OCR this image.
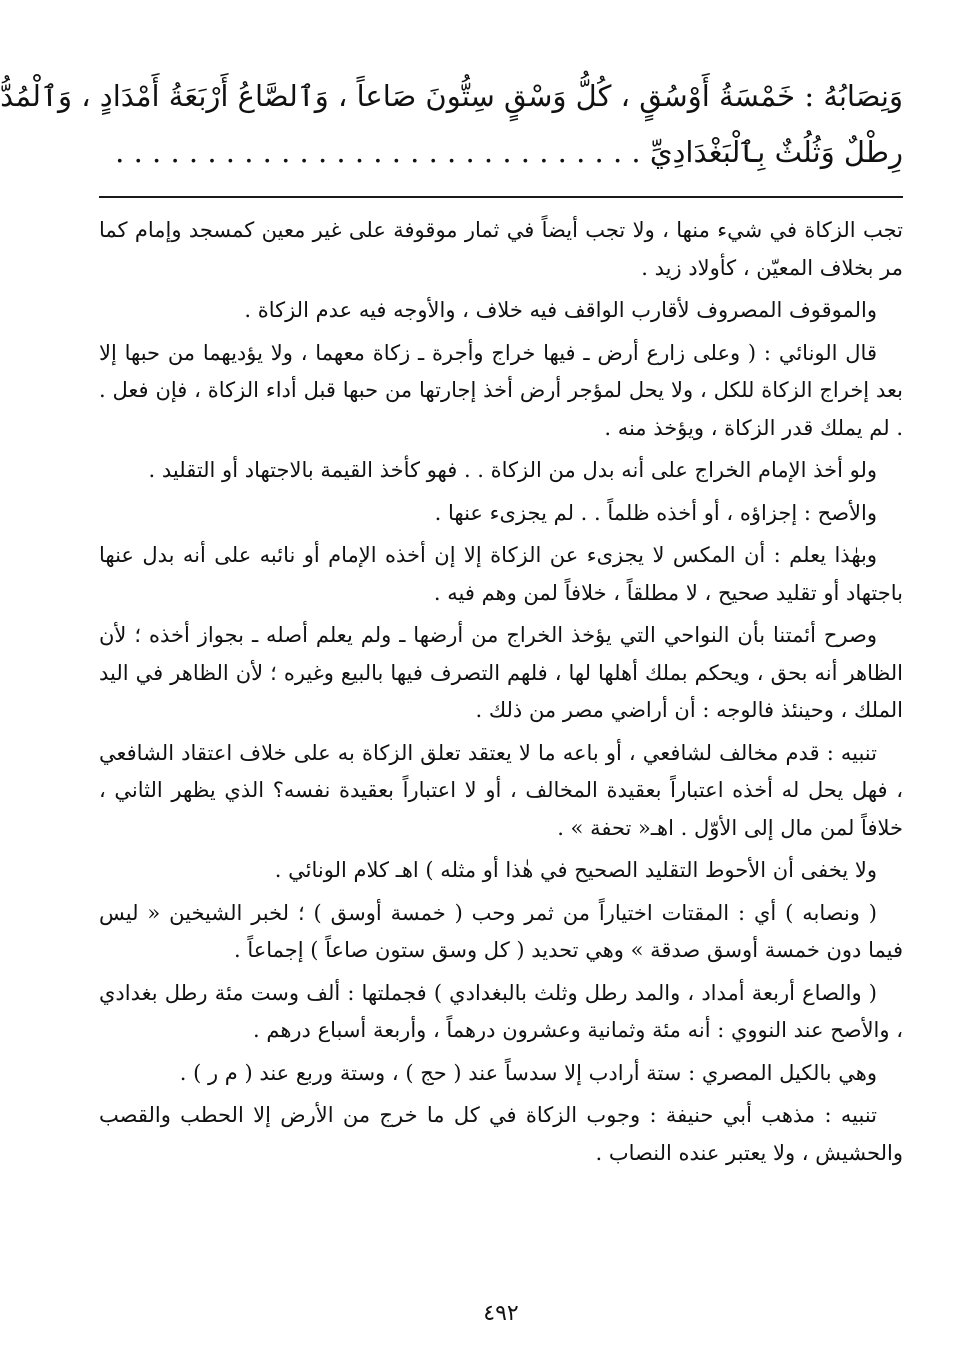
وَنِصَابُهُ : خَمْسَةُ أَوْسُقٍ ، كُلُّ وَسْقٍ سِتُّونَ صَاعاً ، وَٱلصَّاعُ أَرْبَعَةُ أَمْدَادٍ ، وَٱلْمُدُّ
رِطْلٌ وَثُلُثٌ بِٱلْبَغْدَادِيِّ . . . . . . . . . . . . . . . . . . . . . . . . . . . . .

تجب الزكاة في شيء منها ، ولا تجب أيضاً في ثمار موقوفة على غير معين كمسجد وإمام كما مر بخلاف المعيّن ، كأولاد زيد .

والموقوف المصروف لأقارب الواقف فيه خلاف ، والأوجه فيه عدم الزكاة .

قال الونائي : ( وعلى زارع أرض ـ فيها خراج وأجرة ـ زكاة معهما ، ولا يؤديهما من حبها إلا بعد إخراج الزكاة للكل ، ولا يحل لمؤجر أرض أخذ إجارتها من حبها قبل أداء الزكاة ، فإن فعل . . لم يملك قدر الزكاة ، ويؤخذ منه .

ولو أخذ الإمام الخراج على أنه بدل من الزكاة . . فهو كأخذ القيمة بالاجتهاد أو التقليد .

والأصح : إجزاؤه ، أو أخذه ظلماً . . لم يجزىء عنها .

وبهٰذا يعلم : أن المكس لا يجزىء عن الزكاة إلا إن أخذه الإمام أو نائبه على أنه بدل عنها باجتهاد أو تقليد صحيح ، لا مطلقاً ، خلافاً لمن وهم فيه .

وصرح أئمتنا بأن النواحي التي يؤخذ الخراج من أرضها ـ ولم يعلم أصله ـ بجواز أخذه ؛ لأن الظاهر أنه بحق ، ويحكم بملك أهلها لها ، فلهم التصرف فيها بالبيع وغيره ؛ لأن الظاهر في اليد الملك ، وحينئذ فالوجه : أن أراضي مصر من ذلك .

تنبيه : قدم مخالف لشافعي ، أو باعه ما لا يعتقد تعلق الزكاة به على خلاف اعتقاد الشافعي ، فهل يحل له أخذه اعتباراً بعقيدة المخالف ، أو لا اعتباراً بعقيدة نفسه؟ الذي يظهر الثاني ، خلافاً لمن مال إلى الأوّل . اهـ« تحفة » .

ولا يخفى أن الأحوط التقليد الصحيح في هٰذا أو مثله ) اهـ كلام الونائي .

( ونصابه ) أي : المقتات اختياراً من ثمر وحب ( خمسة أوسق ) ؛ لخبر الشيخين « ليس فيما دون خمسة أوسق صدقة » وهي تحديد ( كل وسق ستون صاعاً ) إجماعاً .

( والصاع أربعة أمداد ، والمد رطل وثلث بالبغدادي ) فجملتها : ألف وست مئة رطل بغدادي ، والأصح عند النووي : أنه مئة وثمانية وعشرون درهماً ، وأربعة أسباع درهم .

وهي بالكيل المصري : ستة أرادب إلا سدساً عند ( حج ) ، وستة وربع عند ( م ر ) .

تنبيه : مذهب أبي حنيفة : وجوب الزكاة في كل ما خرج من الأرض إلا الحطب والقصب والحشيش ، ولا يعتبر عنده النصاب .

٤٩٢
